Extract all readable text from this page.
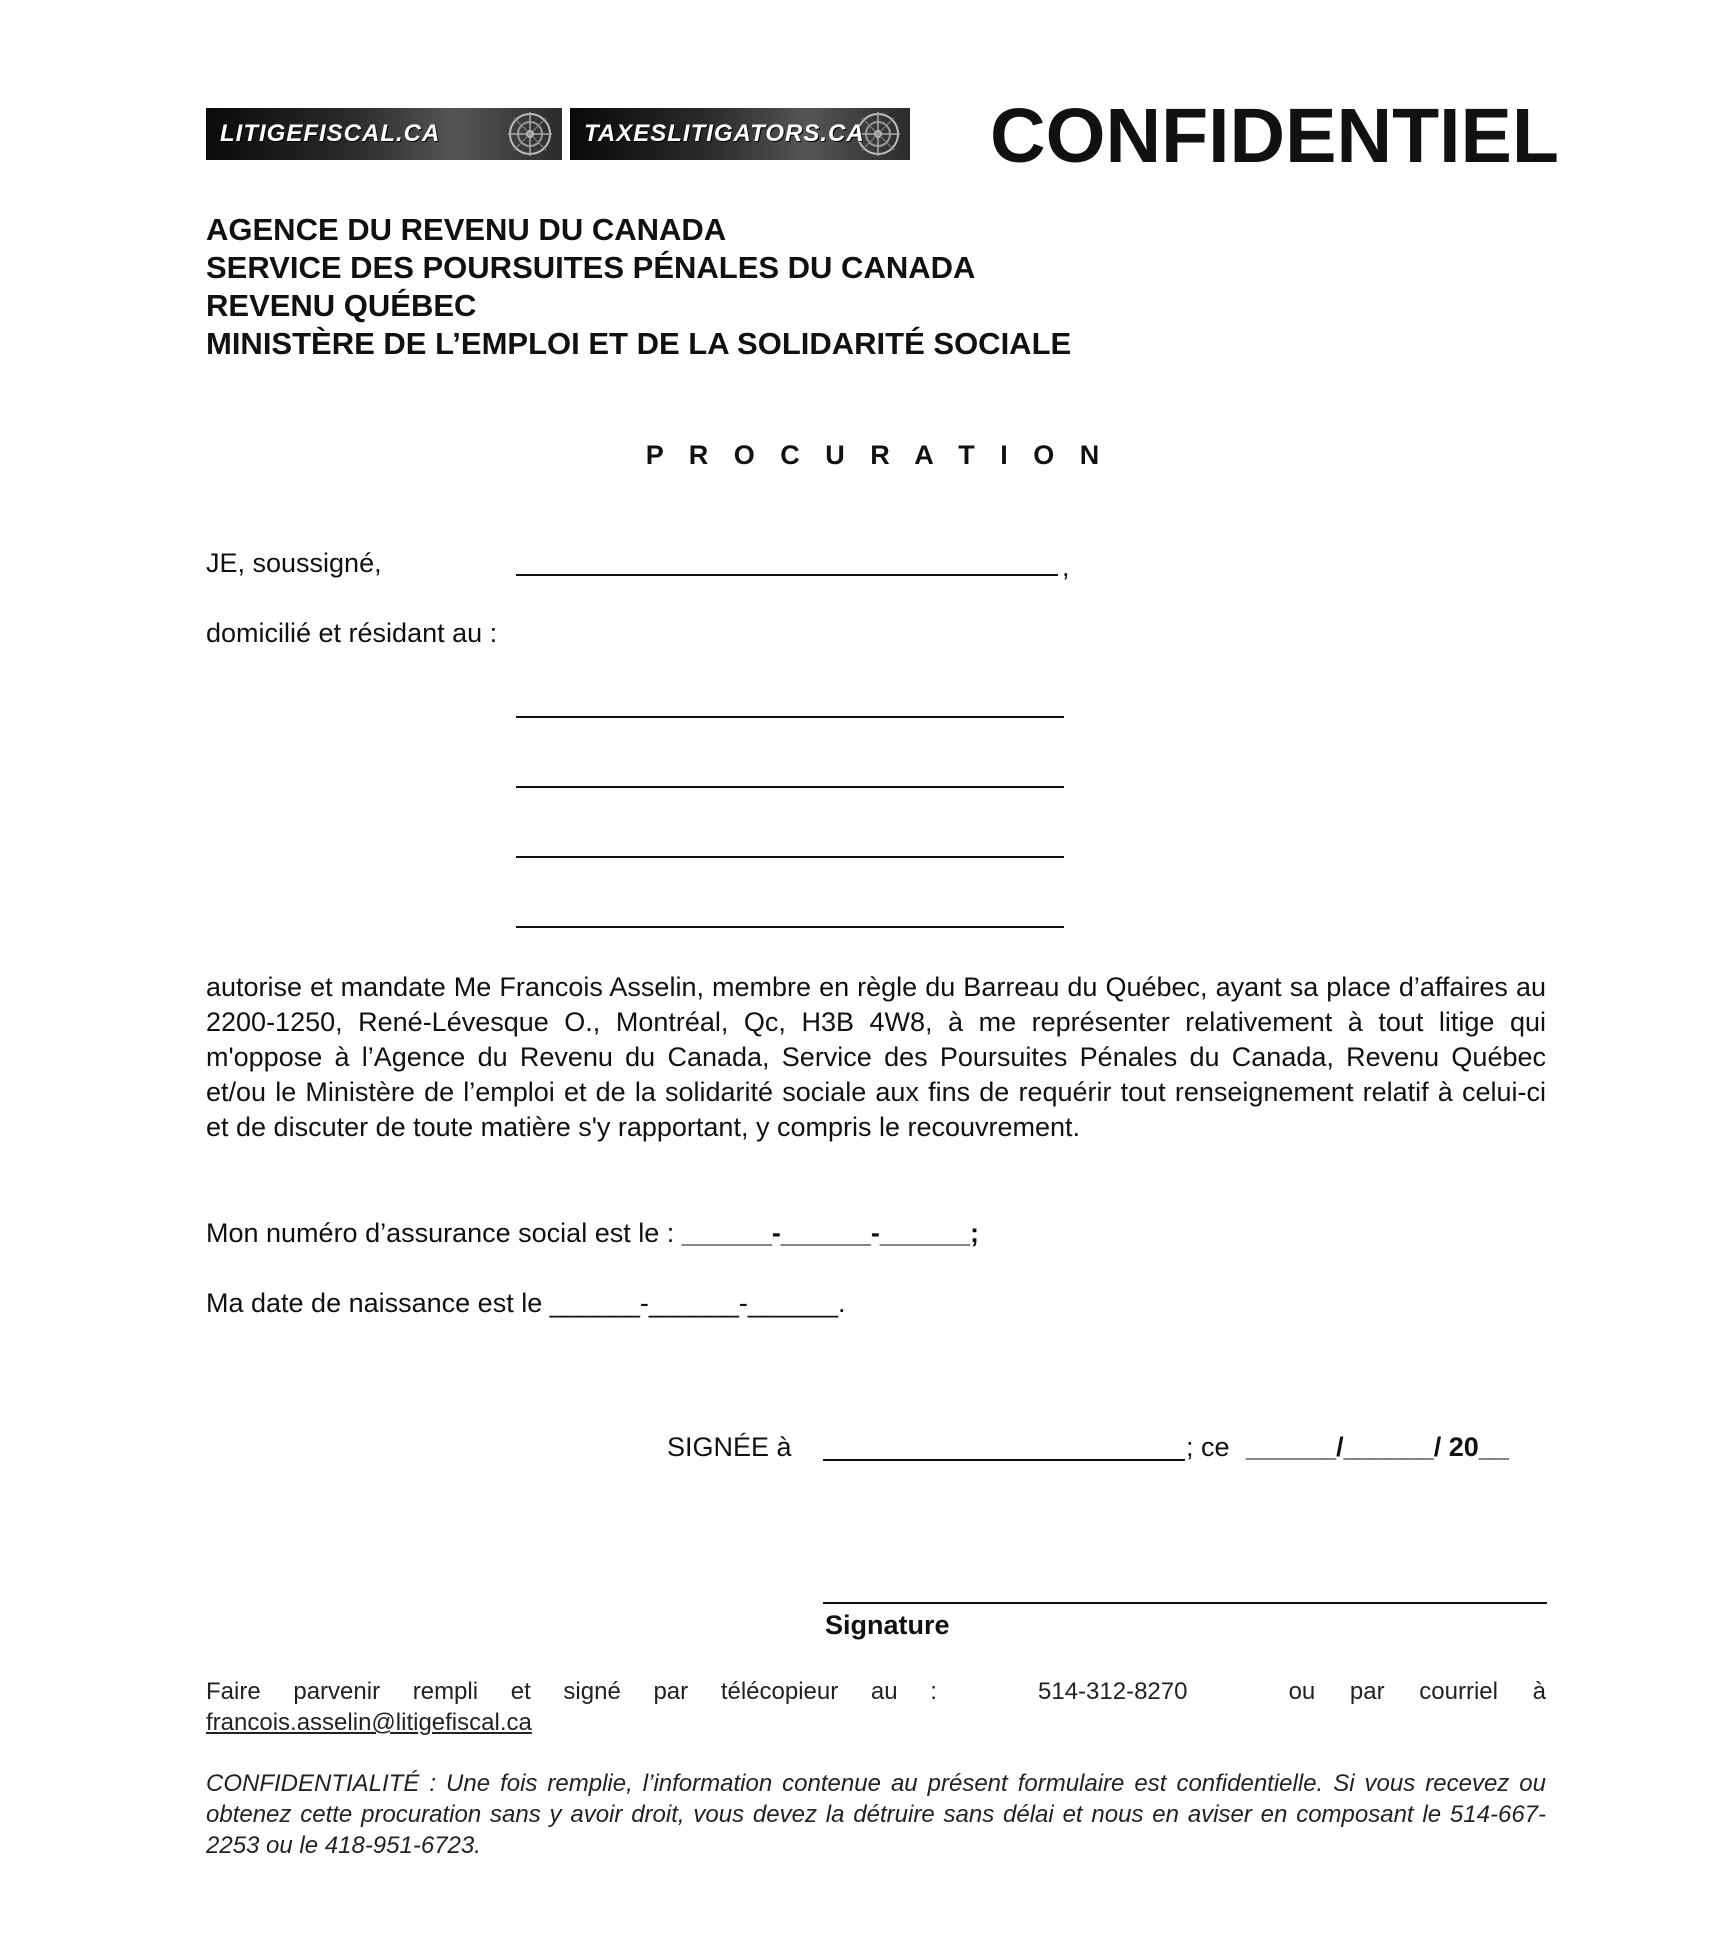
LITIGEFISCAL.CA	TAXESLITIGATORS.CA	CONFIDENTIEL
AGENCE DU REVENU DU CANADA
SERVICE DES POURSUITES PÉNALES DU CANADA
REVENU QUÉBEC
MINISTÈRE DE L’EMPLOI ET DE LA SOLIDARITÉ SOCIALE
P R O C U R A T I O N
JE, soussigné,	,
domicilié et résidant au :
autorise et mandate Me Francois Asselin, membre en règle du Barreau du Québec, ayant sa place d’affaires au 2200-1250, René-Lévesque O., Montréal, Qc, H3B 4W8, à me représenter relativement à tout litige qui m'oppose à l’Agence du Revenu du Canada, Service des Poursuites Pénales du Canada, Revenu Québec et/ou le Ministère de l’emploi et de la solidarité sociale aux fins de requérir tout renseignement relatif à celui-ci et de discuter de toute matière s'y rapportant, y compris le recouvrement.
Mon numéro d’assurance social est le : ______-______-______;
Ma date de naissance est le ______-______-______.
SIGNÉE à	; ce ______/______/ 20__
Signature
Faire parvenir rempli et signé par télécopieur au :	514-312-8270	ou par courriel à
francois.asselin@litigefiscal.ca
CONFIDENTIALITÉ : Une fois remplie, l’information contenue au présent formulaire est confidentielle. Si vous recevez ou obtenez cette procuration sans y avoir droit, vous devez la détruire sans délai et nous en aviser en composant le 514-667-2253 ou le 418-951-6723.
